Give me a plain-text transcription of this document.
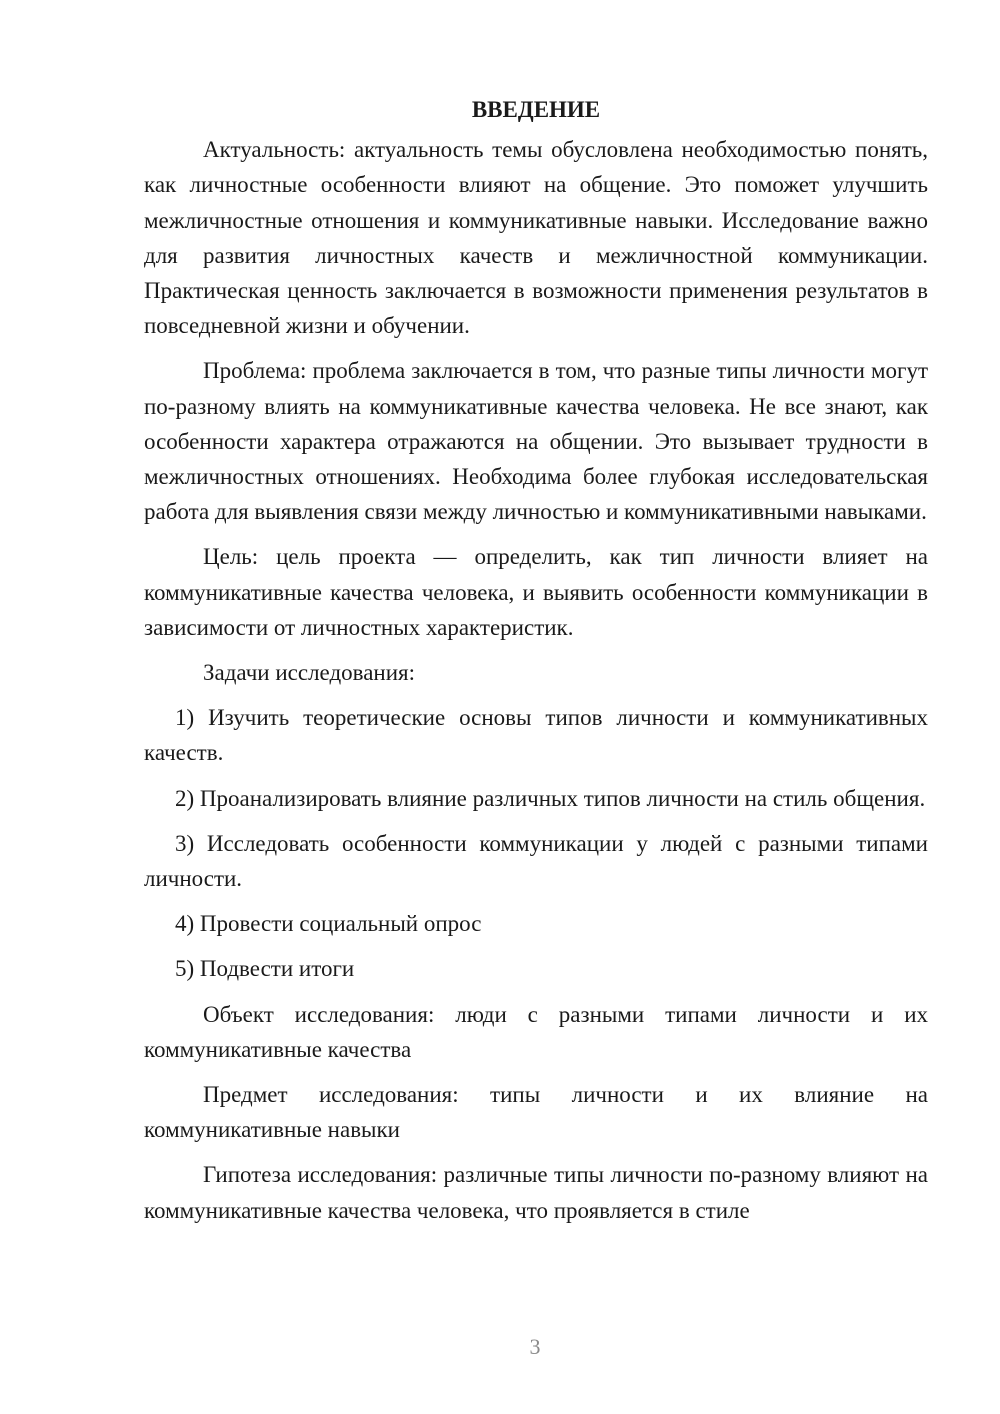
ВВЕДЕНИЕ

Актуальность: актуальность темы обусловлена необходимостью понять, как личностные особенности влияют на общение. Это поможет улучшить межличностные отношения и коммуникативные навыки. Исследование важно для развития личностных качеств и межличностной коммуникации. Практическая ценность заключается в возможности применения результатов в повседневной жизни и обучении.

Проблема: проблема заключается в том, что разные типы личности могут по-разному влиять на коммуникативные качества человека. Не все знают, как особенности характера отражаются на общении. Это вызывает трудности в межличностных отношениях. Необходима более глубокая исследовательская работа для выявления связи между личностью и коммуникативными навыками.

Цель: цель проекта — определить, как тип личности влияет на коммуникативные качества человека, и выявить особенности коммуникации в зависимости от личностных характеристик.

Задачи исследования:

1) Изучить теоретические основы типов личности и коммуникативных качеств.

2) Проанализировать влияние различных типов личности на стиль общения.

3) Исследовать особенности коммуникации у людей с разными типами личности.

4) Провести социальный опрос

5) Подвести итоги

Объект исследования: люди с разными типами личности и их коммуникативные качества

Предмет исследования: типы личности и их влияние на коммуникативные навыки

Гипотеза исследования: различные типы личности по-разному влияют на коммуникативные качества человека, что проявляется в стиле

3
